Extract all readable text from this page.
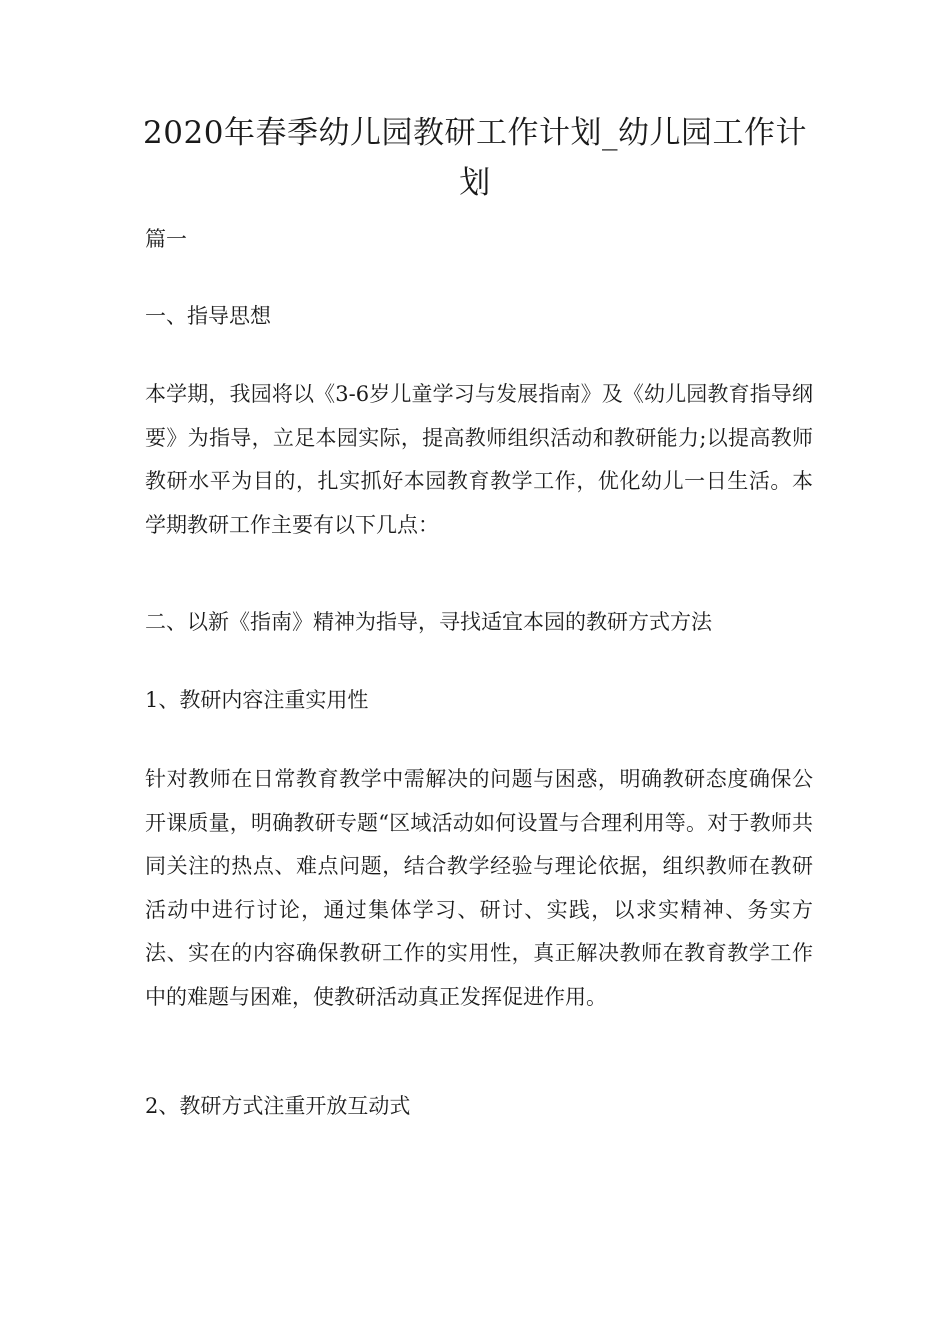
2020年春季幼儿园教研工作计划_幼儿园工作计划

篇一

一、指导思想

本学期，我园将以《3-6岁儿童学习与发展指南》及《幼儿园教育指导纲要》为指导，立足本园实际，提高教师组织活动和教研能力;以提高教师教研水平为目的，扎实抓好本园教育教学工作，优化幼儿一日生活。本学期教研工作主要有以下几点：

二、以新《指南》精神为指导，寻找适宜本园的教研方式方法

1、教研内容注重实用性

针对教师在日常教育教学中需解决的问题与困惑，明确教研态度确保公开课质量，明确教研专题“区域活动如何设置与合理利用等。对于教师共同关注的热点、难点问题，结合教学经验与理论依据，组织教师在教研活动中进行讨论，通过集体学习、研讨、实践，以求实精神、务实方法、实在的内容确保教研工作的实用性，真正解决教师在教育教学工作中的难题与困难，使教研活动真正发挥促进作用。

2、教研方式注重开放互动式
